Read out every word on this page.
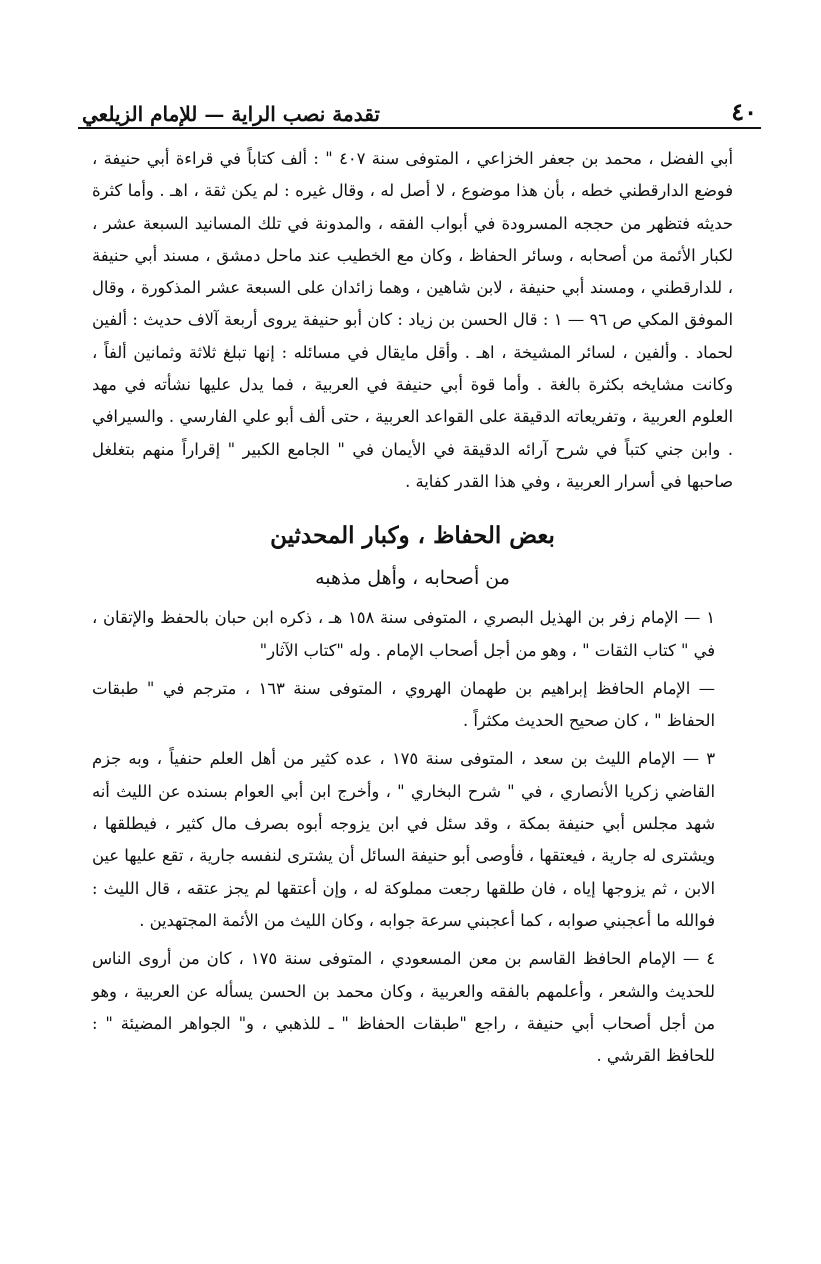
٤٠
تقدمة نصب الراية — للإمام الزيلعي

أبي الفضل ، محمد بن جعفر الخزاعي ، المتوفى سنة ٤٠٧ " : ألف كتاباً في قراءة أبي حنيفة ، فوضع الدارقطني خطه ، بأن هذا موضوع ، لا أصل له ، وقال غيره : لم يكن ثقة ، اهـ . وأما كثرة حديثه فتظهر من حججه المسرودة في أبواب الفقه ، والمدونة في تلك المسانيد السبعة عشر ، لكبار الأئمة من أصحابه ، وسائر الحفاظ ، وكان مع الخطيب عند ماحل دمشق ، مسند أبي حنيفة ، للدارقطني ، ومسند أبي حنيفة ، لابن شاهين ، وهما زائدان على السبعة عشر المذكورة ، وقال الموفق المكي ص ٩٦ — ١ : قال الحسن بن زياد : كان أبو حنيفة يروى أربعة آلاف حديث : ألفين لحماد . وألفين ، لسائر المشيخة ، اهـ . وأقل مايقال في مسائله : إنها تبلغ ثلاثة وثمانين ألفاً ، وكانت مشايخه بكثرة بالغة . وأما قوة أبي حنيفة في العربية ، فما يدل عليها نشأته في مهد العلوم العربية ، وتفريعاته الدقيقة على القواعد العربية ، حتى ألف أبو علي الفارسي . والسيرافي . وابن جني كتباً في شرح آرائه الدقيقة في الأيمان في " الجامع الكبير " إقراراً منهم بتغلغل صاحبها في أسرار العربية ، وفي هذا القدر كفاية .

بعض الحفاظ ، وكبار المحدثين
من أصحابه ، وأهل مذهبه

١ — الإمام زفر بن الهذيل البصري ، المتوفى سنة ١٥٨ هـ ، ذكره ابن حبان بالحفظ والإتقان ، في " كتاب الثقات " ، وهو من أجل أصحاب الإمام . وله "كتاب الآثار"

— الإمام الحافظ إبراهيم بن طهمان الهروي ، المتوفى سنة ١٦٣ ، مترجم في " طبقات الحفاظ " ، كان صحيح الحديث مكثراً .

٣ — الإمام الليث بن سعد ، المتوفى سنة ١٧٥ ، عده كثير من أهل العلم حنفياً ، وبه جزم القاضي زكريا الأنصاري ، في " شرح البخاري " ، وأخرج ابن أبي العوام بسنده عن الليث أنه شهد مجلس أبي حنيفة بمكة ، وقد سئل في ابن يزوجه أبوه بصرف مال كثير ، فيطلقها ، ويشترى له جارية ، فيعتقها ، فأوصى أبو حنيفة السائل أن يشترى لنفسه جارية ، تقع عليها عين الابن ، ثم يزوجها إياه ، فان طلقها رجعت مملوكة له ، وإن أعتقها لم يجز عتقه ، قال الليث : فوالله ما أعجبني صوابه ، كما أعجبني سرعة جوابه ، وكان الليث من الأئمة المجتهدين .

٤ — الإمام الحافظ القاسم بن معن المسعودي ، المتوفى سنة ١٧٥ ، كان من أروى الناس للحديث والشعر ، وأعلمهم بالفقه والعربية ، وكان محمد بن الحسن يسأله عن العربية ، وهو من أجل أصحاب أبي حنيفة ، راجع "طبقات الحفاظ " ـ للذهبي ، و" الجواهر المضيئة " : للحافظ القرشي .
